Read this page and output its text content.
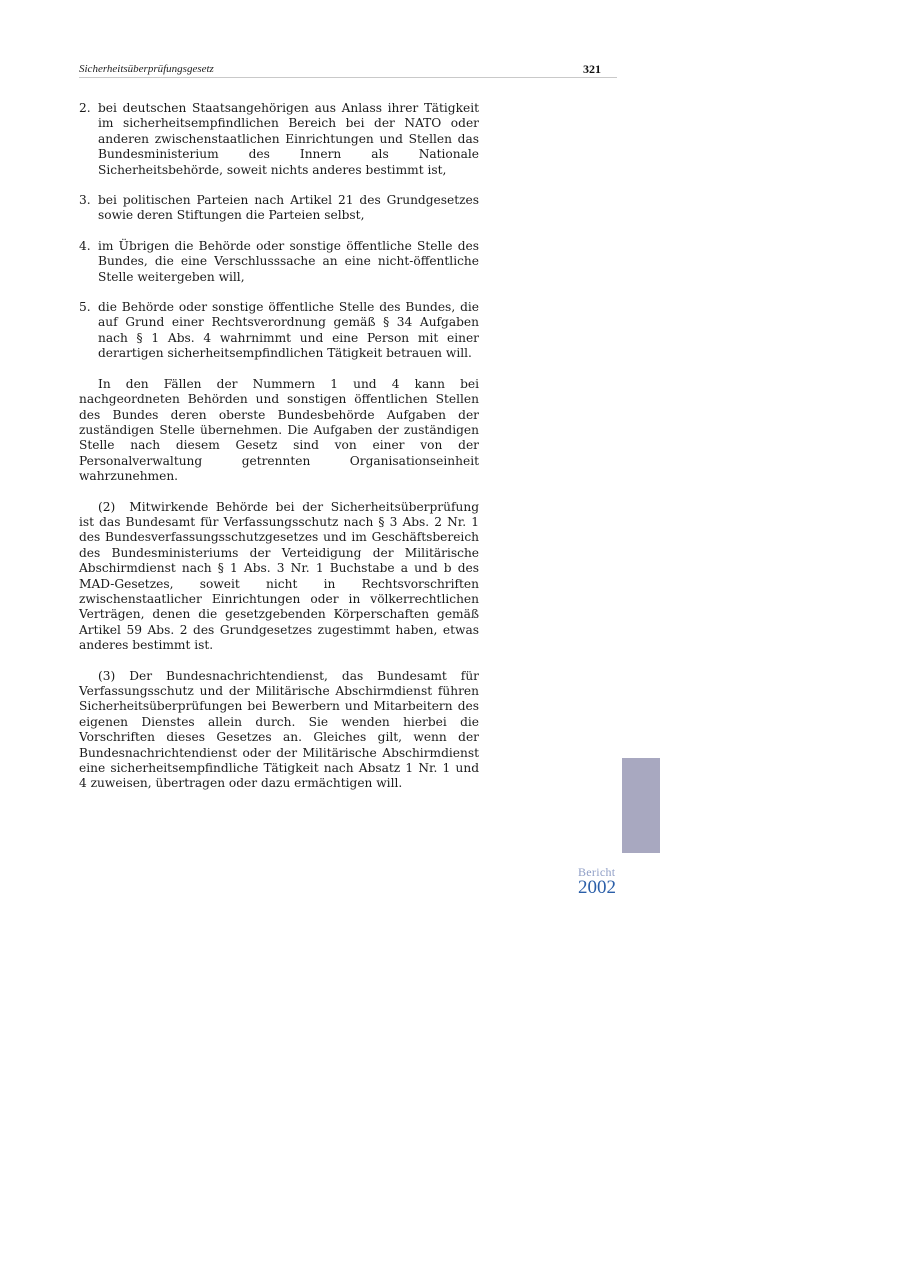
Sicherheitsüberprüfungsgesetz	321
2. bei deutschen Staatsangehörigen aus Anlass ihrer Tätigkeit im sicherheitsempfindlichen Bereich bei der NATO oder anderen zwischenstaatlichen Einrichtungen und Stellen das Bundesministerium des Innern als Nationale Sicherheitsbehörde, soweit nichts anderes bestimmt ist,
3. bei politischen Parteien nach Artikel 21 des Grundgesetzes sowie deren Stiftungen die Parteien selbst,
4. im Übrigen die Behörde oder sonstige öffentliche Stelle des Bundes, die eine Verschlusssache an eine nicht-öffentliche Stelle weitergeben will,
5. die Behörde oder sonstige öffentliche Stelle des Bundes, die auf Grund einer Rechtsverordnung gemäß § 34 Aufgaben nach § 1 Abs. 4 wahrnimmt und eine Person mit einer derartigen sicherheitsempfindlichen Tätigkeit betrauen will.

In den Fällen der Nummern 1 und 4 kann bei nachgeordneten Behörden und sonstigen öffentlichen Stellen des Bundes deren oberste Bundesbehörde Aufgaben der zuständigen Stelle übernehmen. Die Aufgaben der zuständigen Stelle nach diesem Gesetz sind von einer von der Personalverwaltung getrennten Organisationseinheit wahrzunehmen.

(2) Mitwirkende Behörde bei der Sicherheitsüberprüfung ist das Bundesamt für Verfassungsschutz nach § 3 Abs. 2 Nr. 1 des Bundesverfassungsschutzgesetzes und im Geschäftsbereich des Bundesministeriums der Verteidigung der Militärische Abschirmdienst nach § 1 Abs. 3 Nr. 1 Buchstabe a und b des MAD-Gesetzes, soweit nicht in Rechtsvorschriften zwischenstaatlicher Einrichtungen oder in völkerrechtlichen Verträgen, denen die gesetzgebenden Körperschaften gemäß Artikel 59 Abs. 2 des Grundgesetzes zugestimmt haben, etwas anderes bestimmt ist.

(3) Der Bundesnachrichtendienst, das Bundesamt für Verfassungsschutz und der Militärische Abschirmdienst führen Sicherheitsüberprüfungen bei Bewerbern und Mitarbeitern des eigenen Dienstes allein durch. Sie wenden hierbei die Vorschriften dieses Gesetzes an. Gleiches gilt, wenn der Bundesnachrichtendienst oder der Militärische Abschirmdienst eine sicherheitsempfindliche Tätigkeit nach Absatz 1 Nr. 1 und 4 zuweisen, übertragen oder dazu ermächtigen will.

Bericht
2002
